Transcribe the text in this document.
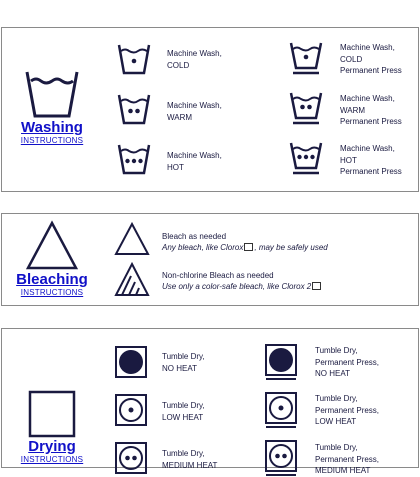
Washing
INSTRUCTIONS
Machine Wash,
COLD
Machine Wash,
COLD
Permanent Press
Machine Wash,
WARM
Machine Wash,
WARM
Permanent Press
Machine Wash,
HOT
Machine Wash,
HOT
Permanent Press
Bleaching
INSTRUCTIONS
Bleach as needed
Any bleach, like Clorox , may be safely used
Non-chlorine Bleach as needed
Use only a color-safe bleach, like Clorox 2
Drying
INSTRUCTIONS
Tumble Dry,
NO HEAT
Tumble Dry,
Permanent Press,
NO HEAT
Tumble Dry,
LOW HEAT
Tumble Dry,
Permanent Press,
LOW HEAT
Tumble Dry,
MEDIUM HEAT
Tumble Dry,
Permanent Press,
MEDIUM HEAT
